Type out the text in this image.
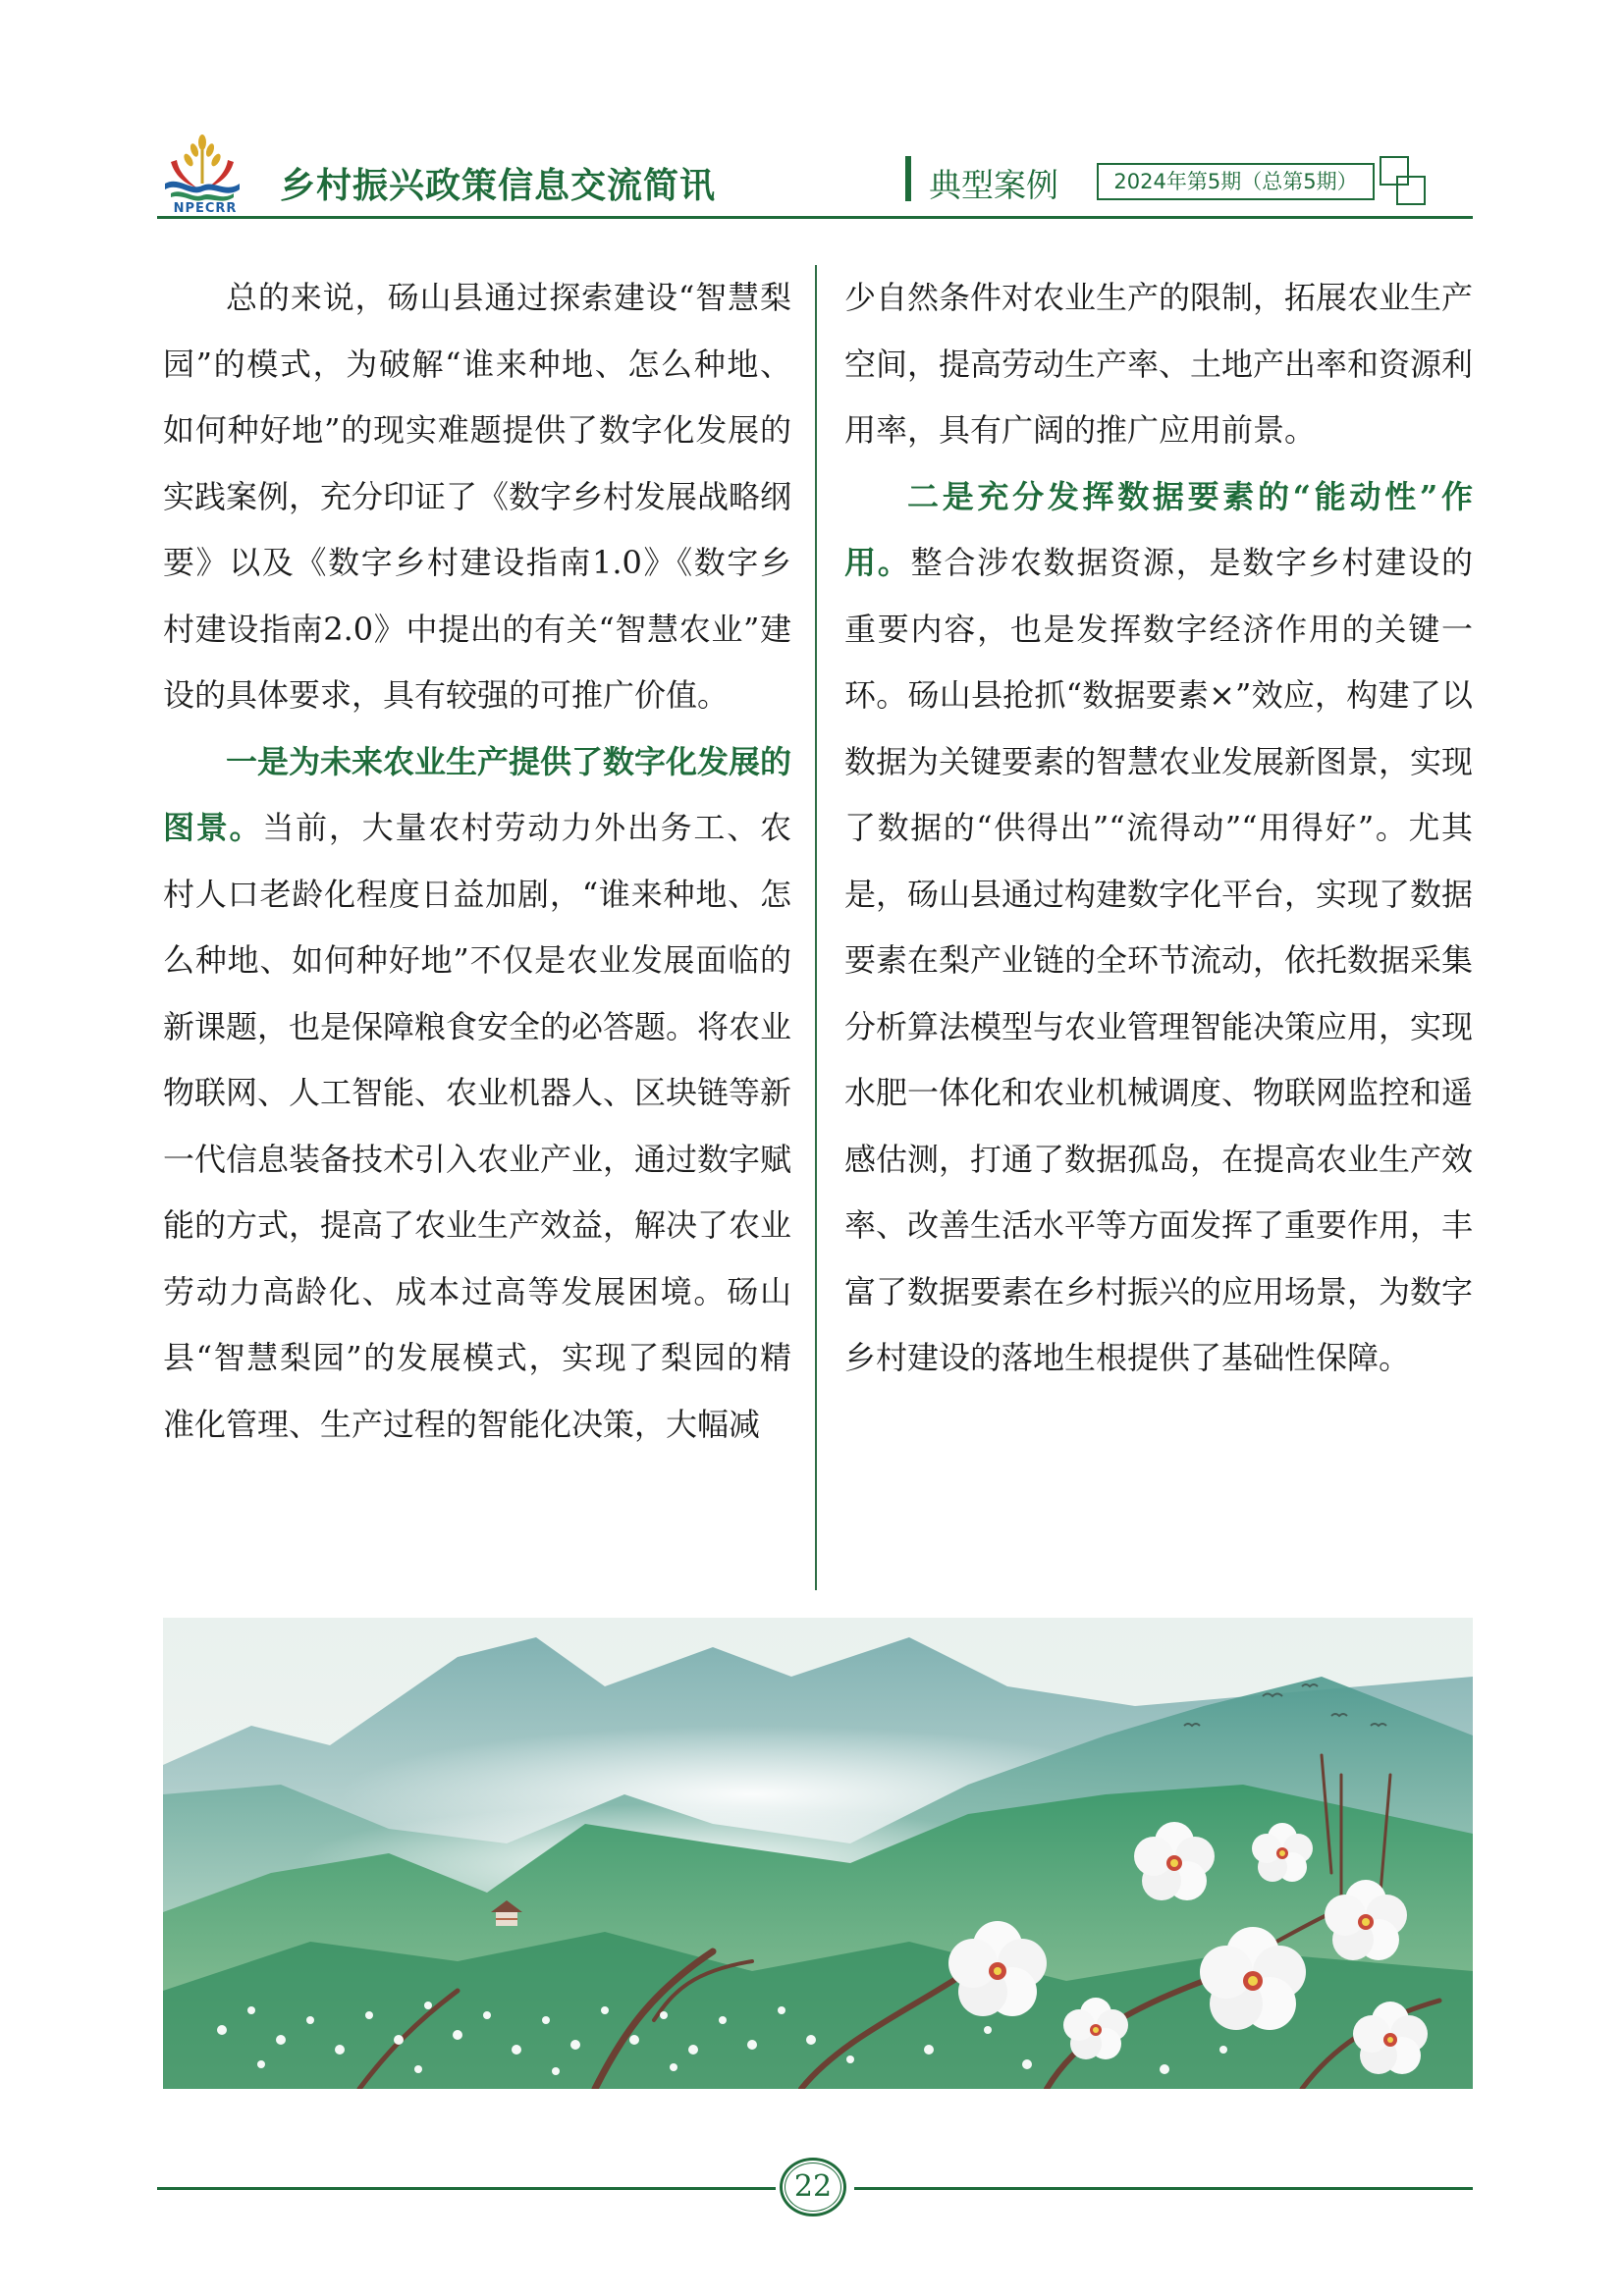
NPECRR
乡村振兴政策信息交流简讯	典型案例	2024年第5期（总第5期）

总的来说，砀山县通过探索建设“智慧梨园”的模式，为破解“谁来种地、怎么种地、如何种好地”的现实难题提供了数字化发展的实践案例，充分印证了《数字乡村发展战略纲要》以及《数字乡村建设指南1.0》《数字乡村建设指南2.0》中提出的有关“智慧农业”建设的具体要求，具有较强的可推广价值。

一是为未来农业生产提供了数字化发展的图景。当前，大量农村劳动力外出务工、农村人口老龄化程度日益加剧，“谁来种地、怎么种地、如何种好地”不仅是农业发展面临的新课题，也是保障粮食安全的必答题。将农业物联网、人工智能、农业机器人、区块链等新一代信息装备技术引入农业产业，通过数字赋能的方式，提高了农业生产效益，解决了农业劳动力高龄化、成本过高等发展困境。砀山县“智慧梨园”的发展模式，实现了梨园的精准化管理、生产过程的智能化决策，大幅减

少自然条件对农业生产的限制，拓展农业生产空间，提高劳动生产率、土地产出率和资源利用率，具有广阔的推广应用前景。

二是充分发挥数据要素的“能动性”作用。整合涉农数据资源，是数字乡村建设的重要内容，也是发挥数字经济作用的关键一环。砀山县抢抓“数据要素×”效应，构建了以数据为关键要素的智慧农业发展新图景，实现了数据的“供得出”“流得动”“用得好”。尤其是，砀山县通过构建数字化平台，实现了数据要素在梨产业链的全环节流动，依托数据采集分析算法模型与农业管理智能决策应用，实现水肥一体化和农业机械调度、物联网监控和遥感估测，打通了数据孤岛，在提高农业生产效率、改善生活水平等方面发挥了重要作用，丰富了数据要素在乡村振兴的应用场景，为数字乡村建设的落地生根提供了基础性保障。

22
